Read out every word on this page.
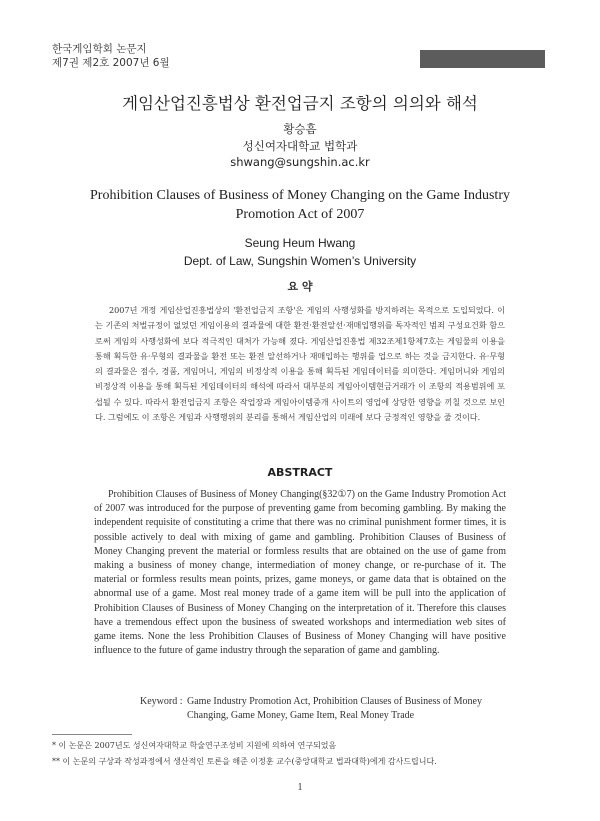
한국게임학회 논문지
제7권 제2호 2007년 6월
게임산업진흥법상 환전업금지 조항의 의의와 해석
황승흠
성신여자대학교 법학과
shwang@sungshin.ac.kr
Prohibition Clauses of Business of Money Changing on the Game Industry
Promotion Act of 2007
Seung Heum Hwang
Dept. of Law, Sungshin Women’s University
요 약

2007년 개정 게임산업진흥법상의 '환전업금지 조항'은 게임의 사행성화를 방지하려는 목적으로 도입되었다. 이는 기존의 처벌규정이 없었던 게임이용의 결과물에 대한 환전·환전알선·재매입행위를 독자적인 범죄 구성요건화 함으로써 게임의 사행성화에 보다 적극적인 대처가 가능해 졌다. 게임산업진흥법 제32조제1항제7호는 게임물의 이용을 통해 획득한 유·무형의 결과물을 환전 또는 환전 알선하거나 재매입하는 행위를 업으로 하는 것을 금지한다. 유·무형의 결과물은 점수, 경품, 게임머니, 게임의 비정상적 이용을 통해 획득된 게임데이터를 의미한다. 게임머니와 게임의 비정상적 이용을 통해 획득된 게임데이터의 해석에 따라서 대부분의 게임아이템현금거래가 이 조항의 적용범위에 포섭될 수 있다. 따라서 환전업금지 조항은 작업장과 게임아이템중개 사이트의 영업에 상당한 영향을 끼칠 것으로 보인다. 그럼에도 이 조항은 게임과 사행행위의 분리를 통해서 게임산업의 미래에 보다 긍정적인 영향을 줄 것이다.

ABSTRACT

Prohibition Clauses of Business of Money Changing(§32①7) on the Game Industry Promotion Act of 2007 was introduced for the purpose of preventing game from becoming gambling. By making the independent requisite of constituting a crime that there was no criminal punishment former times, it is possible actively to deal with mixing of game and gambling. Prohibition Clauses of Business of Money Changing prevent the material or formless results that are obtained on the use of game from making a business of money change, intermediation of money change, or re-purchase of it. The material or formless results mean points, prizes, game moneys, or game data that is obtained on the abnormal use of a game. Most real money trade of a game item will be pull into the application of Prohibition Clauses of Business of Money Changing on the interpretation of it. Therefore this clauses have a tremendous effect upon the business of sweated workshops and intermediation web sites of game items. None the less Prohibition Clauses of Business of Money Changing will have positive influence to the future of game industry through the separation of game and gambling.

Keyword : Game Industry Promotion Act, Prohibition Clauses of Business of Money Changing, Game Money, Game Item, Real Money Trade
* 이 논문은 2007년도 성신여자대학교 학술연구조성비 지원에 의하여 연구되었음
** 이 논문의 구상과 작성과정에서 생산적인 토론을 해준 이정훈 교수(중앙대학교 법과대학)에게 감사드립니다.
1
